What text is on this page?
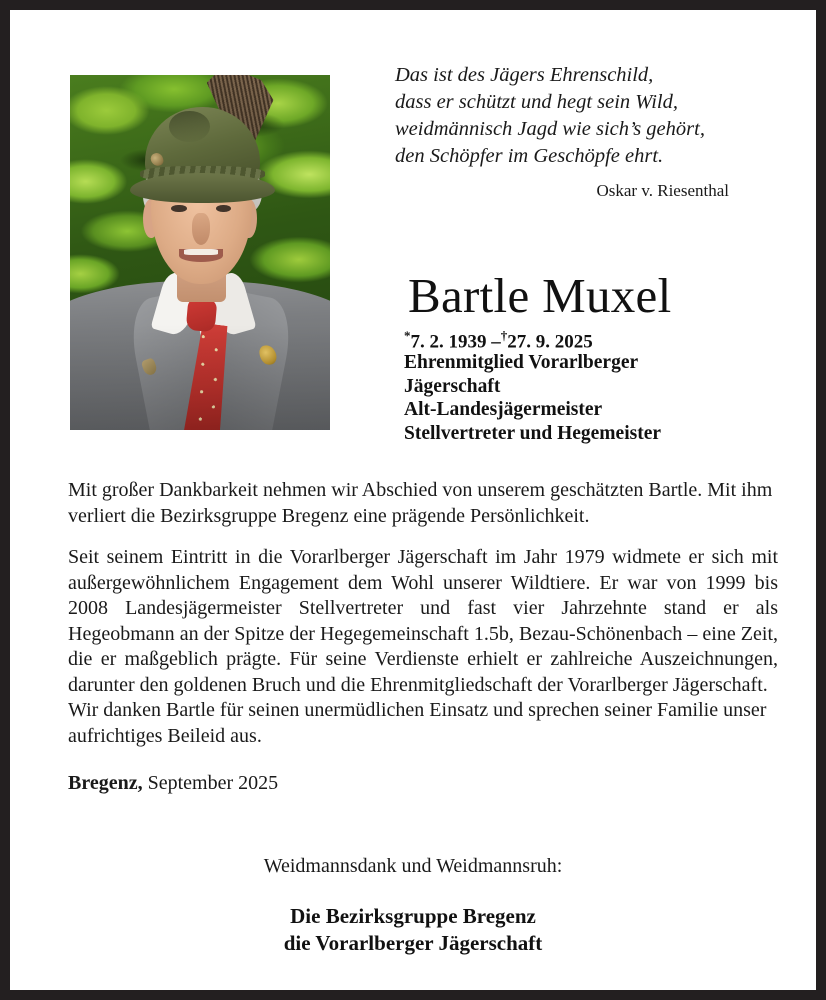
Das ist des Jägers Ehrenschild,
dass er schützt und hegt sein Wild,
weidmännisch Jagd wie sich’s gehört,
den Schöpfer im Geschöpfe ehrt.
Oskar v. Riesenthal
Bartle Muxel
*7. 2. 1939 –†27. 9. 2025
Ehrenmitglied Vorarlberger
Jägerschaft
Alt-Landesjägermeister
Stellvertreter und Hegemeister

Mit großer Dankbarkeit nehmen wir Abschied von unserem geschätzten Bartle. Mit ihm verliert die Bezirksgruppe Bregenz eine prägende Persönlichkeit.

Seit seinem Eintritt in die Vorarlberger Jägerschaft im Jahr 1979 widmete er sich mit außergewöhnlichem Engagement dem Wohl unserer Wildtiere. Er war von 1999 bis 2008 Landesjägermeister Stellvertreter und fast vier Jahrzehnte stand er als Hegeobmann an der Spitze der Hegegemeinschaft 1.5b, Bezau-Schönenbach – eine Zeit, die er maßgeblich prägte. Für seine Verdienste erhielt er zahlreiche Auszeichnungen, darunter den goldenen Bruch und die Ehrenmitgliedschaft der Vorarlberger Jägerschaft.

Wir danken Bartle für seinen unermüdlichen Einsatz und sprechen seiner Familie unser aufrichtiges Beileid aus.

Bregenz, September 2025
Weidmannsdank und Weidmannsruh:
Die Bezirksgruppe Bregenz
die Vorarlberger Jägerschaft
